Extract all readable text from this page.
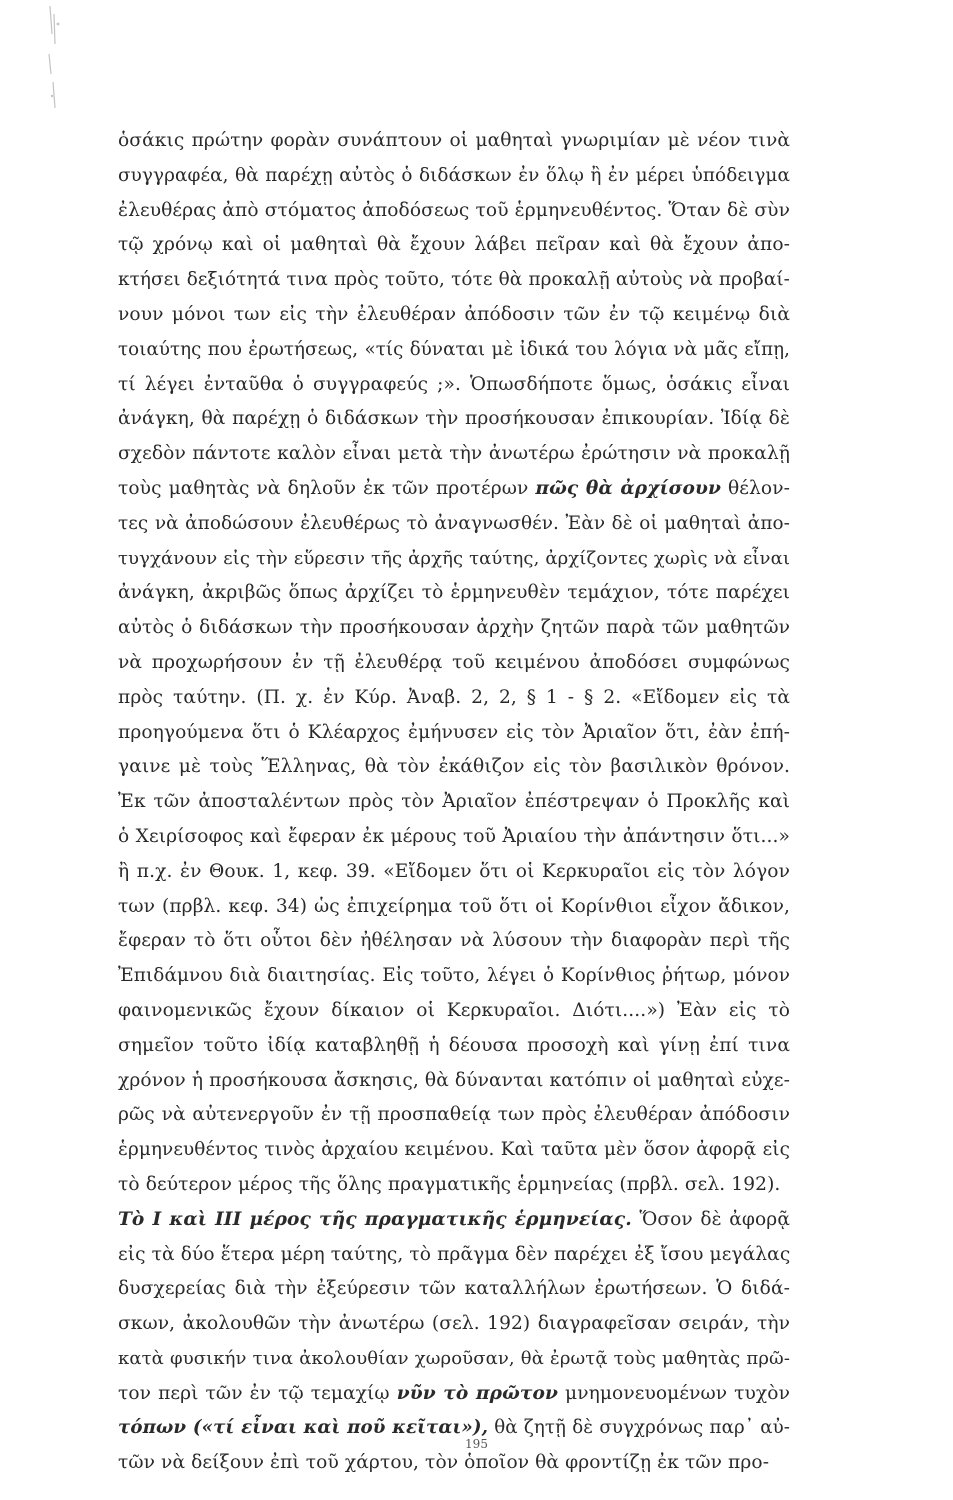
ὁσάκις πρώτην φορὰν συνάπτουν οἱ μαθηταὶ γνωριμίαν μὲ νέον τινὰ
συγγραφέα, θὰ παρέχῃ αὐτὸς ὁ διδάσκων ἐν ὅλῳ ἢ ἐν μέρει ὑπόδειγμα
ἐλευθέρας ἀπὸ στόματος ἀποδόσεως τοῦ ἑρμηνευθέντος. Ὅταν δὲ σὺν
τῷ χρόνῳ καὶ οἱ μαθηταὶ θὰ ἔχουν λάβει πεῖραν καὶ θὰ ἔχουν ἀπο-
κτήσει δεξιότητά τινα πρὸς τοῦτο, τότε θὰ προκαλῇ αὐτοὺς νὰ προβαί-
νουν μόνοι των εἰς τὴν ἐλευθέραν ἀπόδοσιν τῶν ἐν τῷ κειμένῳ διὰ
τοιαύτης που ἐρωτήσεως, «τίς δύναται μὲ ἰδικά του λόγια νὰ μᾶς εἴπῃ,
τί λέγει ἐνταῦθα ὁ συγγραφεύς ;». Ὁπωσδήποτε ὅμως, ὁσάκις εἶναι
ἀνάγκη, θὰ παρέχῃ ὁ διδάσκων τὴν προσήκουσαν ἐπικουρίαν. Ἰδίᾳ δὲ
σχεδὸν πάντοτε καλὸν εἶναι μετὰ τὴν ἀνωτέρω ἐρώτησιν νὰ προκαλῇ
τοὺς μαθητὰς νὰ δηλοῦν ἐκ τῶν προτέρων πῶς θὰ ἀρχίσουν θέλον-
τες νὰ ἀποδώσουν ἐλευθέρως τὸ ἀναγνωσθέν. Ἐὰν δὲ οἱ μαθηταὶ ἀπο-
τυγχάνουν εἰς τὴν εὕρεσιν τῆς ἀρχῆς ταύτης, ἀρχίζοντες χωρὶς νὰ εἶναι
ἀνάγκη, ἀκριβῶς ὅπως ἀρχίζει τὸ ἑρμηνευθὲν τεμάχιον, τότε παρέχει
αὐτὸς ὁ διδάσκων τὴν προσήκουσαν ἀρχὴν ζητῶν παρὰ τῶν μαθητῶν
νὰ προχωρήσουν ἐν τῇ ἐλευθέρᾳ τοῦ κειμένου ἀποδόσει συμφώνως
πρὸς ταύτην. (Π. χ. ἐν Κύρ. Ἀναβ. 2, 2, § 1 - § 2. «Εἴδομεν εἰς τὰ
προηγούμενα ὅτι ὁ Κλέαρχος ἐμήνυσεν εἰς τὸν Ἀριαῖον ὅτι, ἐὰν ἐπή-
γαινε μὲ τοὺς Ἕλληνας, θὰ τὸν ἐκάθιζον εἰς τὸν βασιλικὸν θρόνον.
Ἐκ τῶν ἀποσταλέντων πρὸς τὸν Ἀριαῖον ἐπέστρεψαν ὁ Προκλῆς καὶ
ὁ Χειρίσοφος καὶ ἔφεραν ἐκ μέρους τοῦ Ἀριαίου τὴν ἀπάντησιν ὅτι...»
ἢ π.χ. ἐν Θουκ. 1, κεφ. 39. «Εἴδομεν ὅτι οἱ Κερκυραῖοι εἰς τὸν λόγον
των (πρβλ. κεφ. 34) ὡς ἐπιχείρημα τοῦ ὅτι οἱ Κορίνθιοι εἶχον ἄδικον,
ἔφεραν τὸ ὅτι οὗτοι δὲν ἠθέλησαν νὰ λύσουν τὴν διαφορὰν περὶ τῆς
Ἐπιδάμνου διὰ διαιτησίας. Εἰς τοῦτο, λέγει ὁ Κορίνθιος ῥήτωρ, μόνον
φαινομενικῶς ἔχουν δίκαιον οἱ Κερκυραῖοι. Διότι....») Ἐὰν εἰς τὸ
σημεῖον τοῦτο ἰδίᾳ καταβληθῇ ἡ δέουσα προσοχὴ καὶ γίνῃ ἐπί τινα
χρόνον ἡ προσήκουσα ἄσκησις, θὰ δύνανται κατόπιν οἱ μαθηταὶ εὐχε-
ρῶς νὰ αὐτενεργοῦν ἐν τῇ προσπαθείᾳ των πρὸς ἐλευθέραν ἀπόδοσιν
ἑρμηνευθέντος τινὸς ἀρχαίου κειμένου. Καὶ ταῦτα μὲν ὅσον ἀφορᾷ εἰς
τὸ δεύτερον μέρος τῆς ὅλης πραγματικῆς ἑρμηνείας (πρβλ. σελ. 192).
Τὸ Ι καὶ ΙΙΙ μέρος τῆς πραγματικῆς ἑρμηνείας. Ὅσον δὲ ἀφορᾷ
εἰς τὰ δύο ἕτερα μέρη ταύτης, τὸ πρᾶγμα δὲν παρέχει ἐξ ἴσου μεγάλας
δυσχερείας διὰ τὴν ἐξεύρεσιν τῶν καταλλήλων ἐρωτήσεων. Ὁ διδά-
σκων, ἀκολουθῶν τὴν ἀνωτέρω (σελ. 192) διαγραφεῖσαν σειράν, τὴν
κατὰ φυσικήν τινα ἀκολουθίαν χωροῦσαν, θὰ ἐρωτᾷ τοὺς μαθητὰς πρῶ-
τον περὶ τῶν ἐν τῷ τεμαχίῳ νῦν τὸ πρῶτον μνημονευομένων τυχὸν
τόπων («τί εἶναι καὶ ποῦ κεῖται»), θὰ ζητῇ δὲ συγχρόνως παρ᾽ αὐ-
τῶν νὰ δείξουν ἐπὶ τοῦ χάρτου, τὸν ὁποῖον θὰ φροντίζῃ ἐκ τῶν προ-
195
